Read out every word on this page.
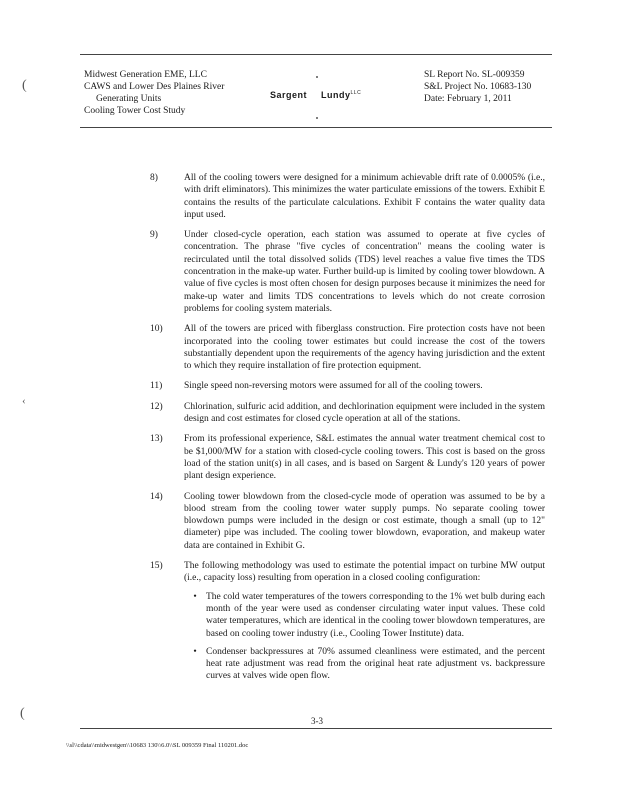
Midwest Generation EME, LLC
CAWS and Lower Des Plaines River
Generating Units
Cooling Tower Cost Study
Sargent Lundy$^{LLC}$
SL Report No. SL-009359
S&L Project No. 10683-130
Date: February 1, 2011
(
‹
(
8)	All of the cooling towers were designed for a minimum achievable drift rate of 0.0005% (i.e., with drift eliminators). This minimizes the water particulate emissions of the towers. Exhibit E contains the results of the particulate calculations. Exhibit F contains the water quality data input used.
9)	Under closed-cycle operation, each station was assumed to operate at five cycles of concentration. The phrase "five cycles of concentration" means the cooling water is recirculated until the total dissolved solids (TDS) level reaches a value five times the TDS concentration in the make-up water. Further build-up is limited by cooling tower blowdown. A value of five cycles is most often chosen for design purposes because it minimizes the need for make-up water and limits TDS concentrations to levels which do not create corrosion problems for cooling system materials.
10)	All of the towers are priced with fiberglass construction. Fire protection costs have not been incorporated into the cooling tower estimates but could increase the cost of the towers substantially dependent upon the requirements of the agency having jurisdiction and the extent to which they require installation of fire protection equipment.
11)	Single speed non-reversing motors were assumed for all of the cooling towers.
12)	Chlorination, sulfuric acid addition, and dechlorination equipment were included in the system design and cost estimates for closed cycle operation at all of the stations.
13)	From its professional experience, S&L estimates the annual water treatment chemical cost to be $1,000/MW for a station with closed-cycle cooling towers. This cost is based on the gross load of the station unit(s) in all cases, and is based on Sargent & Lundy's 120 years of power plant design experience.
14)	Cooling tower blowdown from the closed-cycle mode of operation was assumed to be by a blood stream from the cooling tower water supply pumps. No separate cooling tower blowdown pumps were included in the design or cost estimate, though a small (up to 12" diameter) pipe was included. The cooling tower blowdown, evaporation, and makeup water data are contained in Exhibit G.
15)	The following methodology was used to estimate the potential impact on turbine MW output (i.e., capacity loss) resulting from operation in a closed cooling configuration:
• The cold water temperatures of the towers corresponding to the 1% wet bulb during each month of the year were used as condenser circulating water input values. These cold water temperatures, which are identical in the cooling tower blowdown temperatures, are based on cooling tower industry (i.e., Cooling Tower Institute) data.
• Condenser backpressures at 70% assumed cleanliness were estimated, and the percent heat rate adjustment was read from the original heat rate adjustment vs. backpressure curves at valves wide open flow.
3-3
\\sl\\cdata\\midwestgen\\10683 130\\6.0\\SL 009359 Final 110201.doc
